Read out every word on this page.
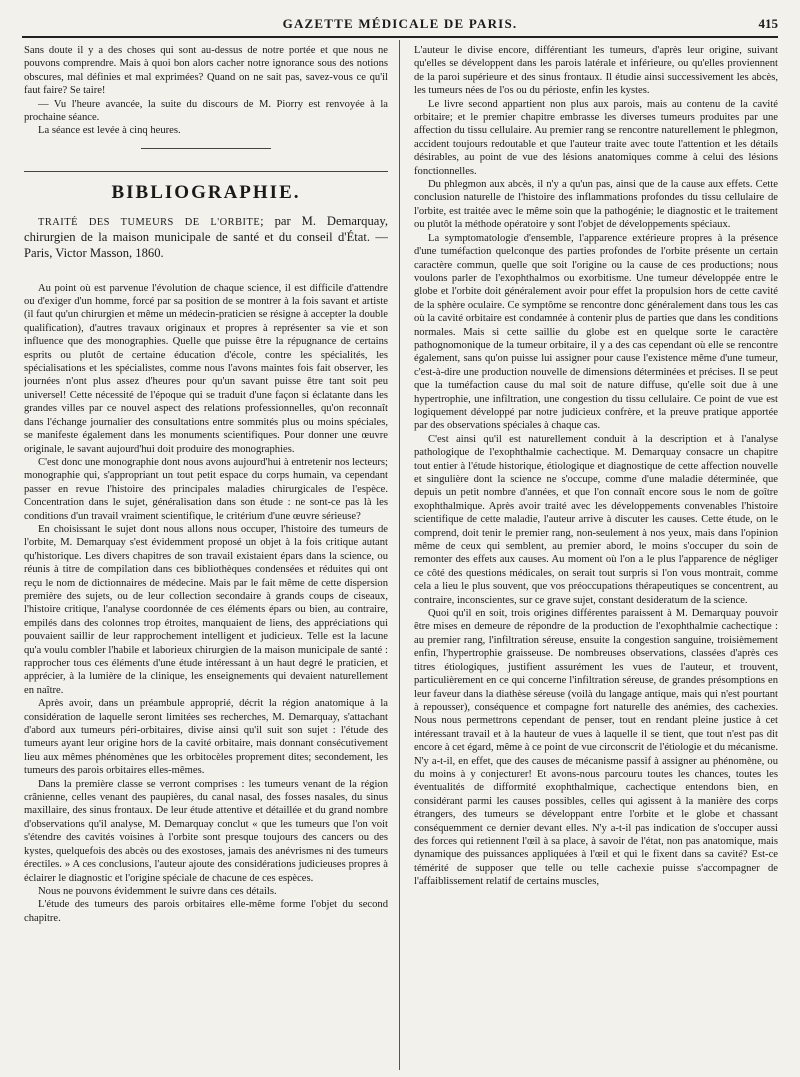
GAZETTE MÉDICALE DE PARIS.	415

Sans doute il y a des choses qui sont au-dessus de notre portée et que nous ne pouvons comprendre. Mais à quoi bon alors cacher notre ignorance sous des notions obscures, mal définies et mal exprimées? Quand on ne sait pas, savez-vous ce qu'il faut faire? Se taire!

— Vu l'heure avancée, la suite du discours de M. Piorry est renvoyée à la prochaine séance.

La séance est levée à cinq heures.

BIBLIOGRAPHIE.

TRAITÉ DES TUMEURS DE L'ORBITE; par M. Demarquay, chirurgien de la maison municipale de santé et du conseil d'État. — Paris, Victor Masson, 1860.

Au point où est parvenue l'évolution de chaque science, il est difficile d'attendre ou d'exiger d'un homme, forcé par sa position de se montrer à la fois savant et artiste (il faut qu'un chirurgien et même un médecin-praticien se résigne à accepter la double qualification), d'autres travaux originaux et propres à représenter sa vie et son influence que des monographies. Quelle que puisse être la répugnance de certains esprits ou plutôt de certaine éducation d'école, contre les spécialités, les spécialisations et les spécialistes, comme nous l'avons maintes fois fait observer, les journées n'ont plus assez d'heures pour qu'un savant puisse être tant soit peu universel! Cette nécessité de l'époque qui se traduit d'une façon si éclatante dans les grandes villes par ce nouvel aspect des relations professionnelles, qu'on reconnaît dans l'échange journalier des consultations entre sommités plus ou moins spéciales, se manifeste également dans les monuments scientifiques. Pour donner une œuvre originale, le savant aujourd'hui doit produire des monographies.

C'est donc une monographie dont nous avons aujourd'hui à entretenir nos lecteurs; monographie qui, s'appropriant un tout petit espace du corps humain, va cependant passer en revue l'histoire des principales maladies chirurgicales de l'espèce. Concentration dans le sujet, généralisation dans son étude : ne sont-ce pas là les conditions d'un travail vraiment scientifique, le critérium d'une œuvre sérieuse?

En choisissant le sujet dont nous allons nous occuper, l'histoire des tumeurs de l'orbite, M. Demarquay s'est évidemment proposé un objet à la fois critique autant qu'historique. Les divers chapitres de son travail existaient épars dans la science, ou réunis à titre de compilation dans ces bibliothèques condensées et réduites qui ont reçu le nom de dictionnaires de médecine. Mais par le fait même de cette dispersion première des sujets, ou de leur collection secondaire à grands coups de ciseaux, l'histoire critique, l'analyse coordonnée de ces éléments épars ou bien, au contraire, empilés dans des colonnes trop étroites, manquaient de liens, des appréciations qui pouvaient saillir de leur rapprochement intelligent et judicieux. Telle est la lacune qu'a voulu combler l'habile et laborieux chirurgien de la maison municipale de santé : rapprocher tous ces éléments d'une étude intéressant à un haut degré le praticien, et apprécier, à la lumière de la clinique, les enseignements qui devaient naturellement en naître.

Après avoir, dans un préambule approprié, décrit la région anatomique à la considération de laquelle seront limitées ses recherches, M. Demarquay, s'attachant d'abord aux tumeurs péri-orbitaires, divise ainsi qu'il suit son sujet : l'étude des tumeurs ayant leur origine hors de la cavité orbitaire, mais donnant consécutivement lieu aux mêmes phénomènes que les orbitocèles proprement dites; secondement, les tumeurs des parois orbitaires elles-mêmes.

Dans la première classe se verront comprises : les tumeurs venant de la région crânienne, celles venant des paupières, du canal nasal, des fosses nasales, du sinus maxillaire, des sinus frontaux. De leur étude attentive et détaillée et du grand nombre d'observations qu'il analyse, M. Demarquay conclut « que les tumeurs que l'on voit s'étendre des cavités voisines à l'orbite sont presque toujours des cancers ou des kystes, quelquefois des abcès ou des exostoses, jamais des anévrismes ni des tumeurs érectiles. » A ces conclusions, l'auteur ajoute des considérations judicieuses propres à éclairer le diagnostic et l'origine spéciale de chacune de ces espèces.

Nous ne pouvons évidemment le suivre dans ces détails.

L'étude des tumeurs des parois orbitaires elle-même forme l'objet du second chapitre.

L'auteur le divise encore, différentiant les tumeurs, d'après leur origine, suivant qu'elles se développent dans les parois latérale et inférieure, ou qu'elles proviennent de la paroi supérieure et des sinus frontaux. Il étudie ainsi successivement les abcès, les tumeurs nées de l'os ou du périoste, enfin les kystes.

Le livre second appartient non plus aux parois, mais au contenu de la cavité orbitaire; et le premier chapitre embrasse les diverses tumeurs produites par une affection du tissu cellulaire. Au premier rang se rencontre naturellement le phlegmon, accident toujours redoutable et que l'auteur traite avec toute l'attention et les détails désirables, au point de vue des lésions anatomiques comme à celui des lésions fonctionnelles.

Du phlegmon aux abcès, il n'y a qu'un pas, ainsi que de la cause aux effets. Cette conclusion naturelle de l'histoire des inflammations profondes du tissu cellulaire de l'orbite, est traitée avec le même soin que la pathogénie; le diagnostic et le traitement ou plutôt la méthode opératoire y sont l'objet de développements spéciaux.

La symptomatologie d'ensemble, l'apparence extérieure propres à la présence d'une tuméfaction quelconque des parties profondes de l'orbite présente un certain caractère commun, quelle que soit l'origine ou la cause de ces productions; nous voulons parler de l'exophthalmos ou exorbitisme. Une tumeur développée entre le globe et l'orbite doit généralement avoir pour effet la propulsion hors de cette cavité de la sphère oculaire. Ce symptôme se rencontre donc généralement dans tous les cas où la cavité orbitaire est condamnée à contenir plus de parties que dans les conditions normales. Mais si cette saillie du globe est en quelque sorte le caractère pathognomonique de la tumeur orbitaire, il y a des cas cependant où elle se rencontre également, sans qu'on puisse lui assigner pour cause l'existence même d'une tumeur, c'est-à-dire une production nouvelle de dimensions déterminées et précises. Il se peut que la tuméfaction cause du mal soit de nature diffuse, qu'elle soit due à une hypertrophie, une infiltration, une congestion du tissu cellulaire. Ce point de vue est logiquement développé par notre judicieux confrère, et la preuve pratique apportée par des observations spéciales à chaque cas.

C'est ainsi qu'il est naturellement conduit à la description et à l'analyse pathologique de l'exophthalmie cachectique. M. Demarquay consacre un chapitre tout entier à l'étude historique, étiologique et diagnostique de cette affection nouvelle et singulière dont la science ne s'occupe, comme d'une maladie déterminée, que depuis un petit nombre d'années, et que l'on connaît encore sous le nom de goître exophthalmique. Après avoir traité avec les développements convenables l'histoire scientifique de cette maladie, l'auteur arrive à discuter les causes. Cette étude, on le comprend, doit tenir le premier rang, non-seulement à nos yeux, mais dans l'opinion même de ceux qui semblent, au premier abord, le moins s'occuper du soin de remonter des effets aux causes. Au moment où l'on a le plus l'apparence de négliger ce côté des questions médicales, on serait tout surpris si l'on vous montrait, comme cela a lieu le plus souvent, que vos préoccupations thérapeutiques se concentrent, au contraire, inconscientes, sur ce grave sujet, constant desideratum de la science.

Quoi qu'il en soit, trois origines différentes paraissent à M. Demarquay pouvoir être mises en demeure de répondre de la production de l'exophthalmie cachectique : au premier rang, l'infiltration séreuse, ensuite la congestion sanguine, troisièmement enfin, l'hypertrophie graisseuse. De nombreuses observations, classées d'après ces titres étiologiques, justifient assurément les vues de l'auteur, et trouvent, particulièrement en ce qui concerne l'infiltration séreuse, de grandes présomptions en leur faveur dans la diathèse séreuse (voilà du langage antique, mais qui n'est pourtant à repousser), conséquence et compagne fort naturelle des anémies, des cachexies. Nous nous permettrons cependant de penser, tout en rendant pleine justice à cet intéressant travail et à la hauteur de vues à laquelle il se tient, que tout n'est pas dit encore à cet égard, même à ce point de vue circonscrit de l'étiologie et du mécanisme. N'y a-t-il, en effet, que des causes de mécanisme passif à assigner au phénomène, ou du moins à y conjecturer! Et avons-nous parcouru toutes les chances, toutes les éventualités de difformité exophthalmique, cachectique entendons bien, en considérant parmi les causes possibles, celles qui agissent à la manière des corps étrangers, des tumeurs se développant entre l'orbite et le globe et chassant conséquemment ce dernier devant elles. N'y a-t-il pas indication de s'occuper aussi des forces qui retiennent l'œil à sa place, à savoir de l'état, non pas anatomique, mais dynamique des puissances appliquées à l'œil et qui le fixent dans sa cavité? Est-ce témérité de supposer que telle ou telle cachexie puisse s'accompagner de l'affaiblissement relatif de certains muscles,
